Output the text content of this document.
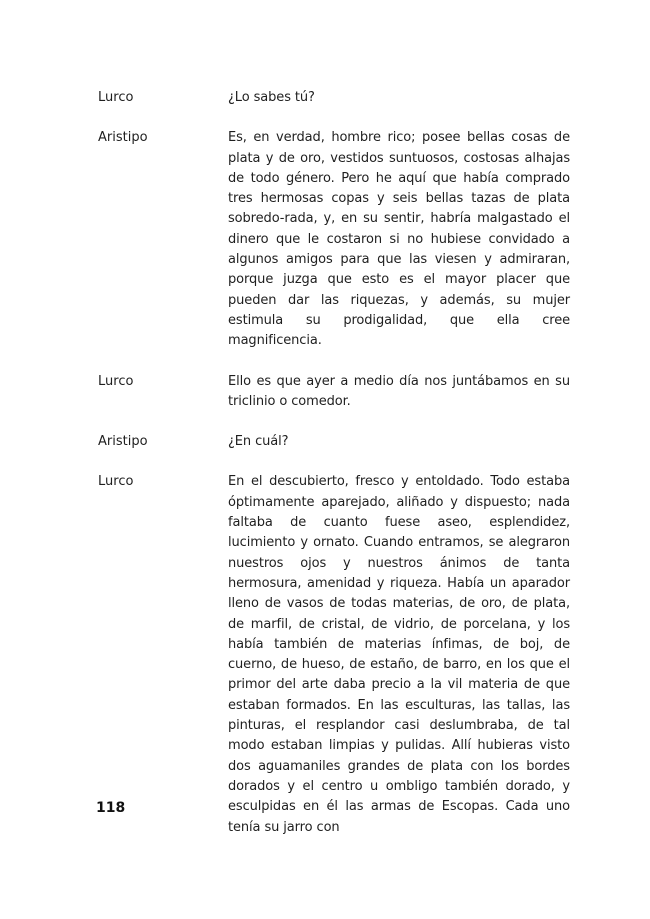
Lurco	¿Lo sabes tú?
Aristipo	Es, en verdad, hombre rico; posee bellas cosas de plata y de oro, vestidos suntuosos, costosas alhajas de todo género. Pero he aquí que había comprado tres hermosas copas y seis bellas tazas de plata sobredo-rada, y, en su sentir, habría malgastado el dinero que le costaron si no hubiese convidado a algunos amigos para que las viesen y admiraran, porque juzga que esto es el mayor placer que pueden dar las riquezas, y además, su mujer estimula su prodigalidad, que ella cree magnificencia.
Lurco	Ello es que ayer a medio día nos juntábamos en su triclinio o comedor.
Aristipo	¿En cuál?
Lurco	En el descubierto, fresco y entoldado. Todo estaba óptimamente aparejado, aliñado y dispuesto; nada faltaba de cuanto fuese aseo, esplendidez, lucimiento y ornato. Cuando entramos, se alegraron nuestros ojos y nuestros ánimos de tanta hermosura, amenidad y riqueza. Había un aparador lleno de vasos de todas materias, de oro, de plata, de marfil, de cristal, de vidrio, de porcelana, y los había también de materias ínfimas, de boj, de cuerno, de hueso, de estaño, de barro, en los que el primor del arte daba precio a la vil materia de que estaban formados. En las esculturas, las tallas, las pinturas, el resplandor casi deslumbraba, de tal modo estaban limpias y pulidas. Allí hubieras visto dos aguamaniles grandes de plata con los bordes dorados y el centro u ombligo también dorado, y esculpidas en él las armas de Escopas. Cada uno tenía su jarro con
118
